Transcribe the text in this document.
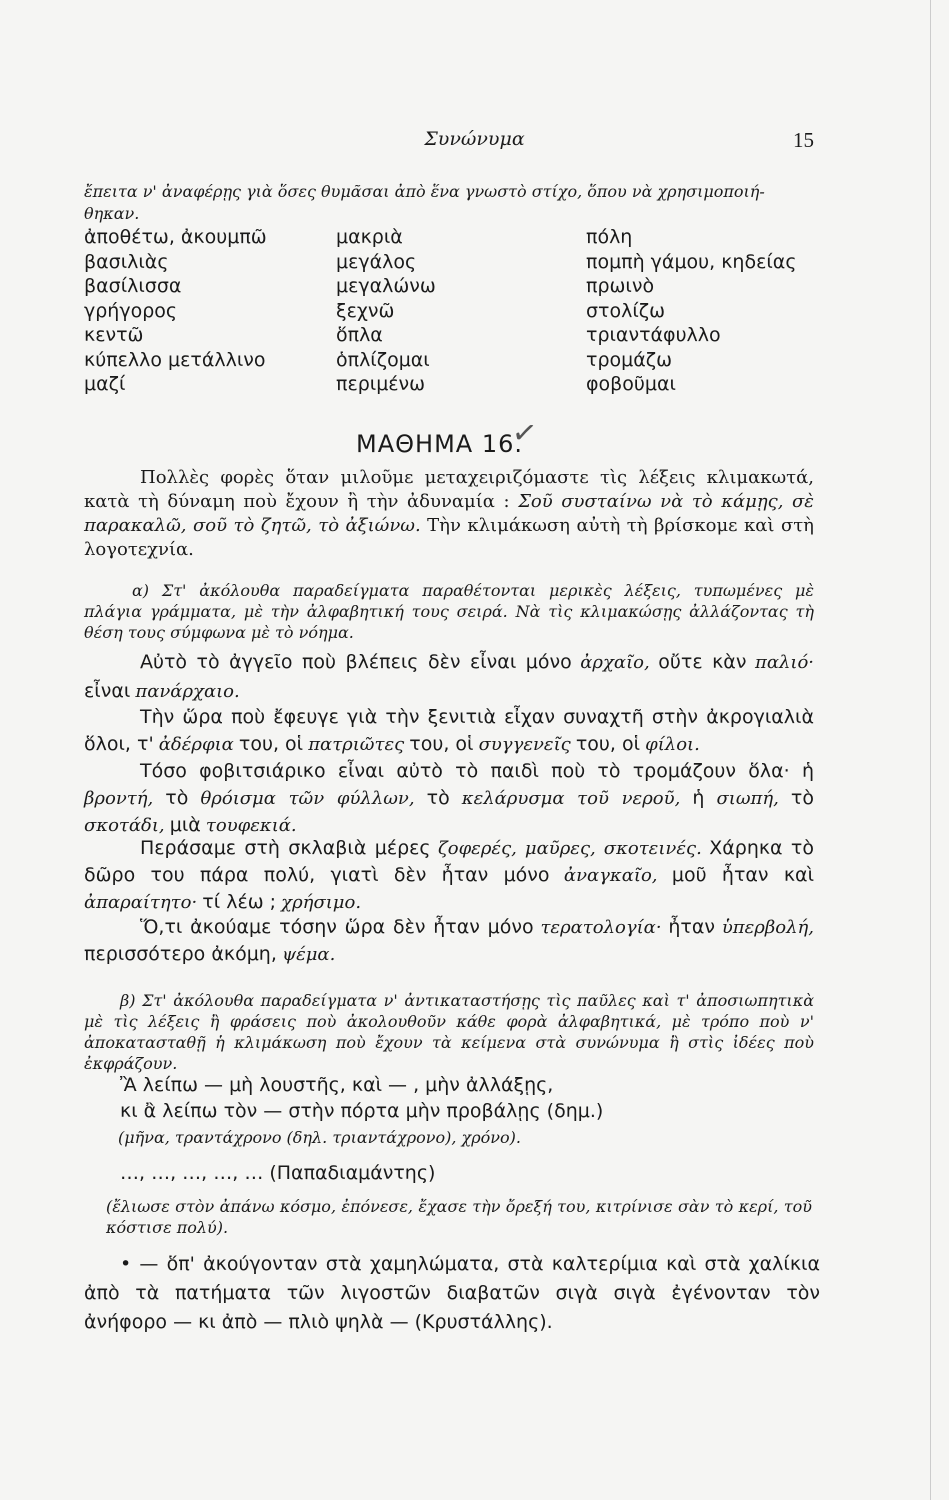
Συνώνυμα	15
ἔπειτα ν' ἀναφέρῃς γιὰ ὅσες θυμᾶσαι ἀπὸ ἕνα γνωστὸ στίχο, ὅπου νὰ χρησιμοποιή-
θηκαν.
ἀποθέτω, ἀκουμπῶ
βασιλιὰς
βασίλισσα
γρήγορος
κεντῶ
κύπελλο μετάλλινο
μαζί
μακριὰ
μεγάλος
μεγαλώνω
ξεχνῶ
ὅπλα
ὁπλίζομαι
περιμένω
πόλη
πομπὴ γάμου, κηδείας
πρωινὸ
στολίζω
τριαντάφυλλο
τρομάζω
φοβοῦμαι
ΜΑΘΗΜΑ 16.
✓
Πολλὲς φορὲς ὅταν μιλοῦμε μεταχειριζόμαστε τὶς λέξεις κλιμακωτά, κατὰ τὴ δύναμη ποὺ ἔχουν ἢ τὴν ἀδυναμία : Σοῦ συσταίνω νὰ τὸ κάμῃς, σὲ παρακαλῶ, σοῦ τὸ ζητῶ, τὸ ἀξιώνω. Τὴν κλιμάκωση αὐτὴ τὴ βρίσκομε καὶ στὴ λογοτεχνία.
α) Στ' ἀκόλουθα παραδείγματα παραθέτονται μερικὲς λέξεις, τυπωμένες μὲ πλάγια γράμματα, μὲ τὴν ἀλφαβητική τους σειρά. Νὰ τὶς κλιμακώσῃς ἀλλάζοντας τὴ θέση τους σύμφωνα μὲ τὸ νόημα.
Αὐτὸ τὸ ἀγγεῖο ποὺ βλέπεις δὲν εἶναι μόνο ἀρχαῖο, οὔτε κὰν παλιό· εἶναι πανάρχαιο.
Τὴν ὥρα ποὺ ἔφευγε γιὰ τὴν ξενιτιὰ εἶχαν συναχτῆ στὴν ἀκρογιαλιὰ ὅλοι, τ' ἀδέρφια του, οἱ πατριῶτες του, οἱ συγγενεῖς του, οἱ φίλοι.
Τόσο φοβιτσιάρικο εἶναι αὐτὸ τὸ παιδὶ ποὺ τὸ τρομάζουν ὅλα· ἡ βροντή, τὸ θρόισμα τῶν φύλλων, τὸ κελάρυσμα τοῦ νεροῦ, ἡ σιωπή, τὸ σκοτάδι, μιὰ τουφεκιά.
Περάσαμε στὴ σκλαβιὰ μέρες ζοφερές, μαῦρες, σκοτεινές. Χάρηκα τὸ δῶρο του πάρα πολύ, γιατὶ δὲν ἦταν μόνο ἀναγκαῖο, μοῦ ἦταν καὶ ἀπαραίτητο· τί λέω ; χρήσιμο.
Ὅ,τι ἀκούαμε τόσην ὥρα δὲν ἦταν μόνο τερατολογία· ἦταν ὑπερβολή, περισσότερο ἀκόμη, ψέμα.
β) Στ' ἀκόλουθα παραδείγματα ν' ἀντικαταστήσῃς τὶς παῦλες καὶ τ' ἀποσιωπητικὰ μὲ τὶς λέξεις ἢ φράσεις ποὺ ἀκολουθοῦν κάθε φορὰ ἀλφαβητικά, μὲ τρόπο ποὺ ν' ἀποκατασταθῇ ἡ κλιμάκωση ποὺ ἔχουν τὰ κείμενα στὰ συνώνυμα ἢ στὶς ἰδέες ποὺ ἐκφράζουν.
Ἂ λείπω — μὴ λουστῆς, καὶ — , μὴν ἀλλάξῃς,
κι ἂ λείπω τὸν — στὴν πόρτα μὴν προβάλῃς (δημ.)
(μῆνα, τραντάχρονο (δηλ. τριαντάχρονο), χρόνο).
…, …, …, …, … (Παπαδιαμάντης)
(ἔλιωσε στὸν ἀπάνω κόσμο, ἐπόνεσε, ἔχασε τὴν ὄρεξή του, κιτρίνισε σὰν τὸ κερί, τοῦ κόστισε πολύ).
• — ὅπ' ἀκούγονταν στὰ χαμηλώματα, στὰ καλτερίμια καὶ στὰ χαλίκια ἀπὸ τὰ πατήματα τῶν λιγοστῶν διαβατῶν σιγὰ σιγὰ ἐγένονταν τὸν ἀνήφορο — κι ἀπὸ — πλιὸ ψηλὰ — (Κρυστάλλης).
